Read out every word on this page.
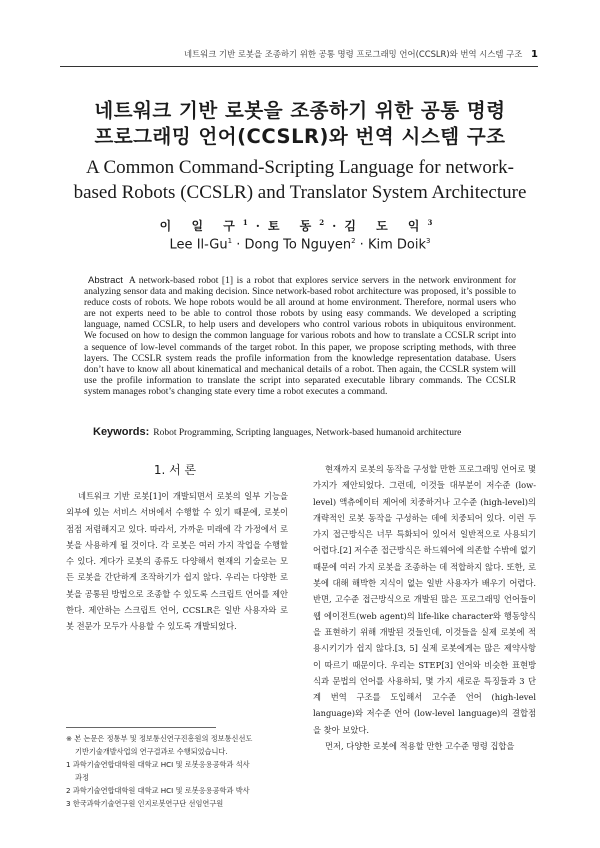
네트워크 기반 로봇을 조종하기 위한 공통 명령 프로그래밍 언어(CCSLR)와 번역 시스템 구조 1
네트워크 기반 로봇을 조종하기 위한 공통 명령
프로그래밍 언어(CCSLR)와 번역 시스템 구조
A Common Command-Scripting Language for network-
based Robots (CCSLR) and Translator System Architecture
이 일 구$^1$·토 동$^2$·김 도 익$^3$
Lee $Il-Gu^1$ · Dong To Nguyen$^2$ · Kim Doik$^3$
Abstract A network-based robot [1] is a robot that explores service servers in the network environment for analyzing sensor data and making decision. Since network-based robot architecture was proposed, it’s possible to reduce costs of robots. We hope robots would be all around at home environment. Therefore, normal users who are not experts need to be able to control those robots by using easy commands. We developed a scripting language, named CCSLR, to help users and developers who control various robots in ubiquitous environment. We focused on how to design the common language for various robots and how to translate a CCSLR script into a sequence of low-level commands of the target robot. In this paper, we propose scripting methods, with three layers. The CCSLR system reads the profile information from the knowledge representation database. Users don’t have to know all about kinematical and mechanical details of a robot. Then again, the CCSLR system will use the profile information to translate the script into separated executable library commands. The CCSLR system manages robot’s changing state every time a robot executes a command.
Keywords: Robot Programming, Scripting languages, Network-based humanoid architecture
1. 서 론

네트워크 기반 로봇[1]이 개발되면서 로봇의 일부 기능을 외부에 있는 서비스 서버에서 수행할 수 있기 때문에, 로봇이 점점 저렴해지고 있다. 따라서, 가까운 미래에 각 가정에서 로봇을 사용하게 될 것이다. 각 로봇은 여러 가지 작업을 수행할 수 있다. 게다가 로봇의 종류도 다양해서 현재의 기술로는 모든 로봇을 간단하게 조작하기가 쉽지 않다. 우리는 다양한 로봇을 공통된 방법으로 조종할 수 있도록 스크립트 언어를 제안한다. 제안하는 스크립트 언어, CCSLR은 일반 사용자와 로봇 전문가 모두가 사용할 수 있도록 개발되었다.

현재까지 로봇의 동작을 구성할 만한 프로그래밍 언어로 몇 가지가 제안되었다. 그런데, 이것들 대부분이 저수준 (low-level) 액츄에이터 제어에 치중하거나 고수준 (high-level)의 개략적인 로봇 동작을 구성하는 데에 치중되어 있다. 이런 두 가지 접근방식은 너무 특화되어 있어서 일반적으로 사용되기 어렵다.[2] 저수준 접근방식은 하드웨어에 의존할 수밖에 없기 때문에 여러 가지 로봇을 조종하는 데 적합하지 않다. 또한, 로봇에 대해 해박한 지식이 없는 일반 사용자가 배우기 어렵다. 반면, 고수준 접근방식으로 개발된 많은 프로그래밍 언어들이 웹 에이전트(web agent)의 life-like character와 행동양식을 표현하기 위해 개발된 것들인데, 이것들을 실제 로봇에 적용시키기가 쉽지 않다.[3, 5] 실제 로봇에게는 많은 제약사항이 따르기 때문이다. 우리는 STEP[3] 언어와 비슷한 표현방식과 문법의 언어를 사용하되, 몇 가지 새로운 특징들과 3 단계 번역 구조를 도입해서 고수준 언어 (high-level language)와 저수준 언어 (low-level language)의 결합점을 찾아 보았다.

먼저, 다양한 로봇에 적용할 만한 고수준 명령 집합을

※ 본 논문은 정통부 및 정보통신연구진흥원의 정보통신선도
기반기술개발사업의 연구결과로 수행되었습니다.
1 과학기술연합대학원 대학교 HCI 및 로봇응용공학과 석사
과정
2 과학기술연합대학원 대학교 HCI 및 로봇응용공학과 박사
3 한국과학기술연구원 인지로봇연구단 선임연구원
